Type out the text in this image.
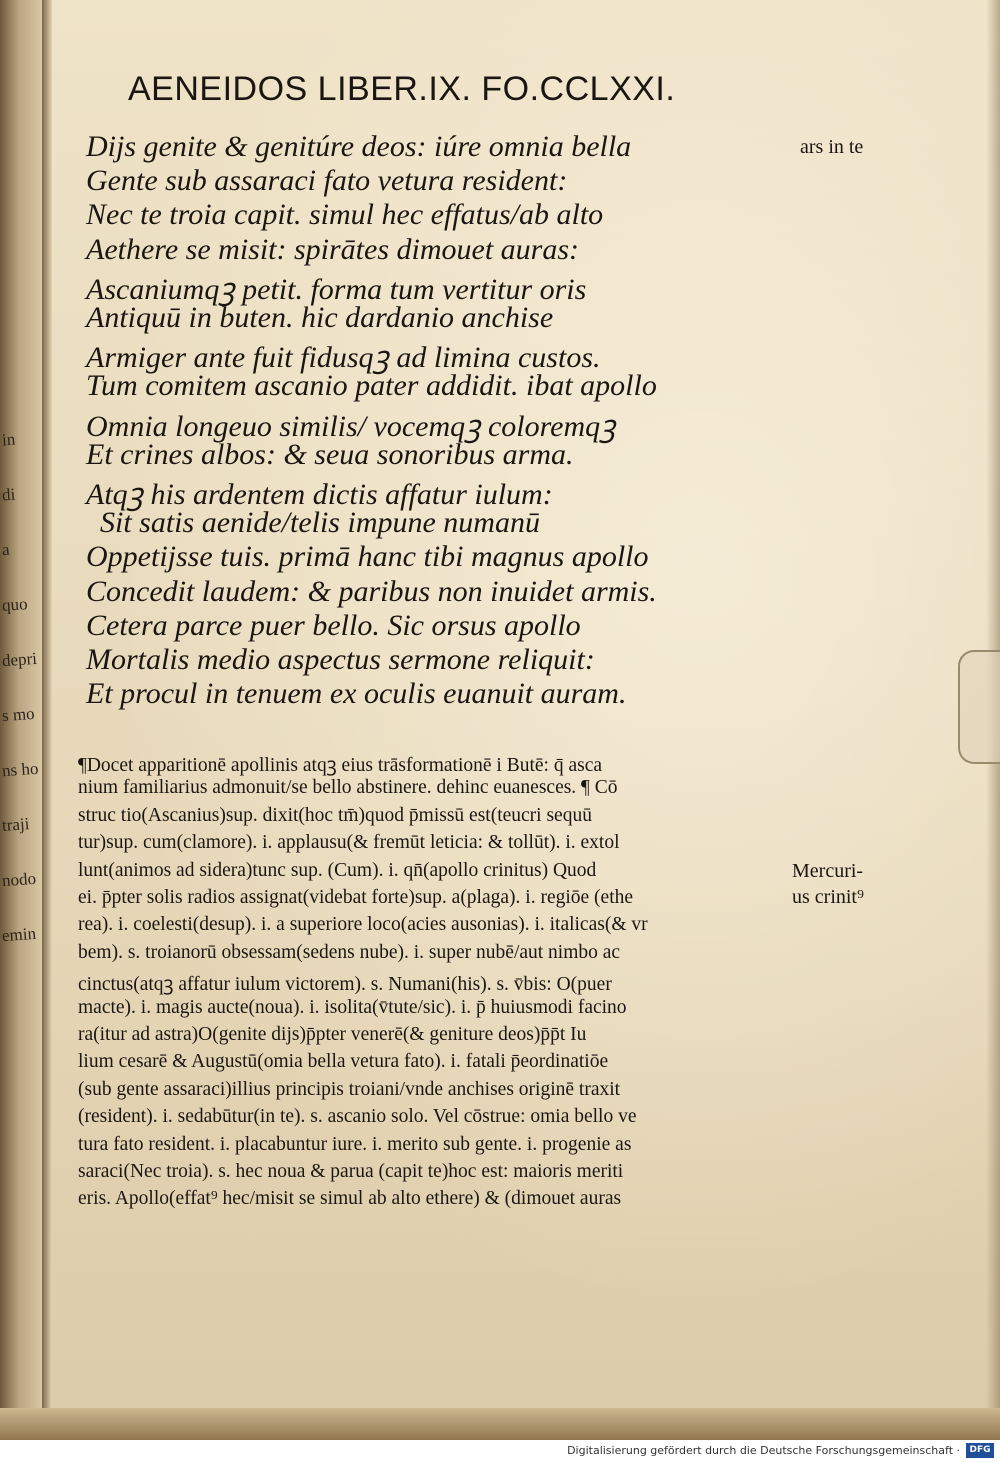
in
di
a
quo
depri
s mo
ns ho
traji
nodo
emin
AENEIDOS LIBER.IX. FO.CCLXXI.
ars in te
Mercuri-
us crinit⁹
Dijs genite & genitúre deos: iúre omnia bella
Gente sub assaraci fato vetura resident:
Nec te troia capit. simul hec effatus/ab alto
Aethere se misit: spirātes dimouet auras:
Ascaniumqꝫ petit. forma tum vertitur oris
Antiquū in buten. hic dardanio anchise
Armiger ante fuit fidusqꝫ ad limina custos.
Tum comitem ascanio pater addidit. ibat apollo
Omnia longeuo similis/ vocemqꝫ coloremqꝫ
Et crines albos: & seua sonoribus arma.
Atqꝫ his ardentem dictis affatur iulum:
Sit satis aenide/telis impune numanū
Oppetijsse tuis. primā hanc tibi magnus apollo
Concedit laudem: & paribus non inuidet armis.
Cetera parce puer bello. Sic orsus apollo
Mortalis medio aspectus sermone reliquit:
Et procul in tenuem ex oculis euanuit auram.
¶Docet apparitionē apollinis atqꝫ eius trāsformationē i Butē: q̄ asca
nium familiarius admonuit/se bello abstinere. dehinc euanesces. ¶ Cō
struc tio(Ascanius)sup. dixit(hoc tm̄)quod p̄missū est(teucri sequū
tur)sup. cum(clamore). i. applausu(& fremūt leticia: & tollūt). i. extol
lunt(animos ad sidera)tunc sup. (Cum). i. qn̄(apollo crinitus) Quod
ei. p̄pter solis radios assignat(videbat forte)sup. a(plaga). i. regiōe (ethe
rea). i. coelesti(desup). i. a superiore loco(acies ausonias). i. italicas(& vr
bem). s. troianorū obsessam(sedens nube). i. super nubē/aut nimbo ac
cinctus(atqꝫ affatur iulum victorem). s. Numani(his). s. v̄bis: O(puer
macte). i. magis aucte(noua). i. isolita(v̄tute/sic). i. p̄ huiusmodi facino
ra(itur ad astra)O(genite dijs)p̄pter venerē(& geniture deos)p̄p̄t Iu
lium cesarē & Augustū(omia bella vetura fato). i. fatali p̄eordinatiōe
(sub gente assaraci)illius principis troiani/vnde anchises originē traxit
(resident). i. sedabūtur(in te). s. ascanio solo. Vel cōstrue: omia bello ve
tura fato resident. i. placabuntur iure. i. merito sub gente. i. progenie as
saraci(Nec troia). s. hec noua & parua (capit te)hoc est: maioris meriti
eris. Apollo(effat⁹ hec/misit se simul ab alto ethere) & (dimouet auras
Digitalisierung gefördert durch die Deutsche Forschungsgemeinschaft ·	DFG
